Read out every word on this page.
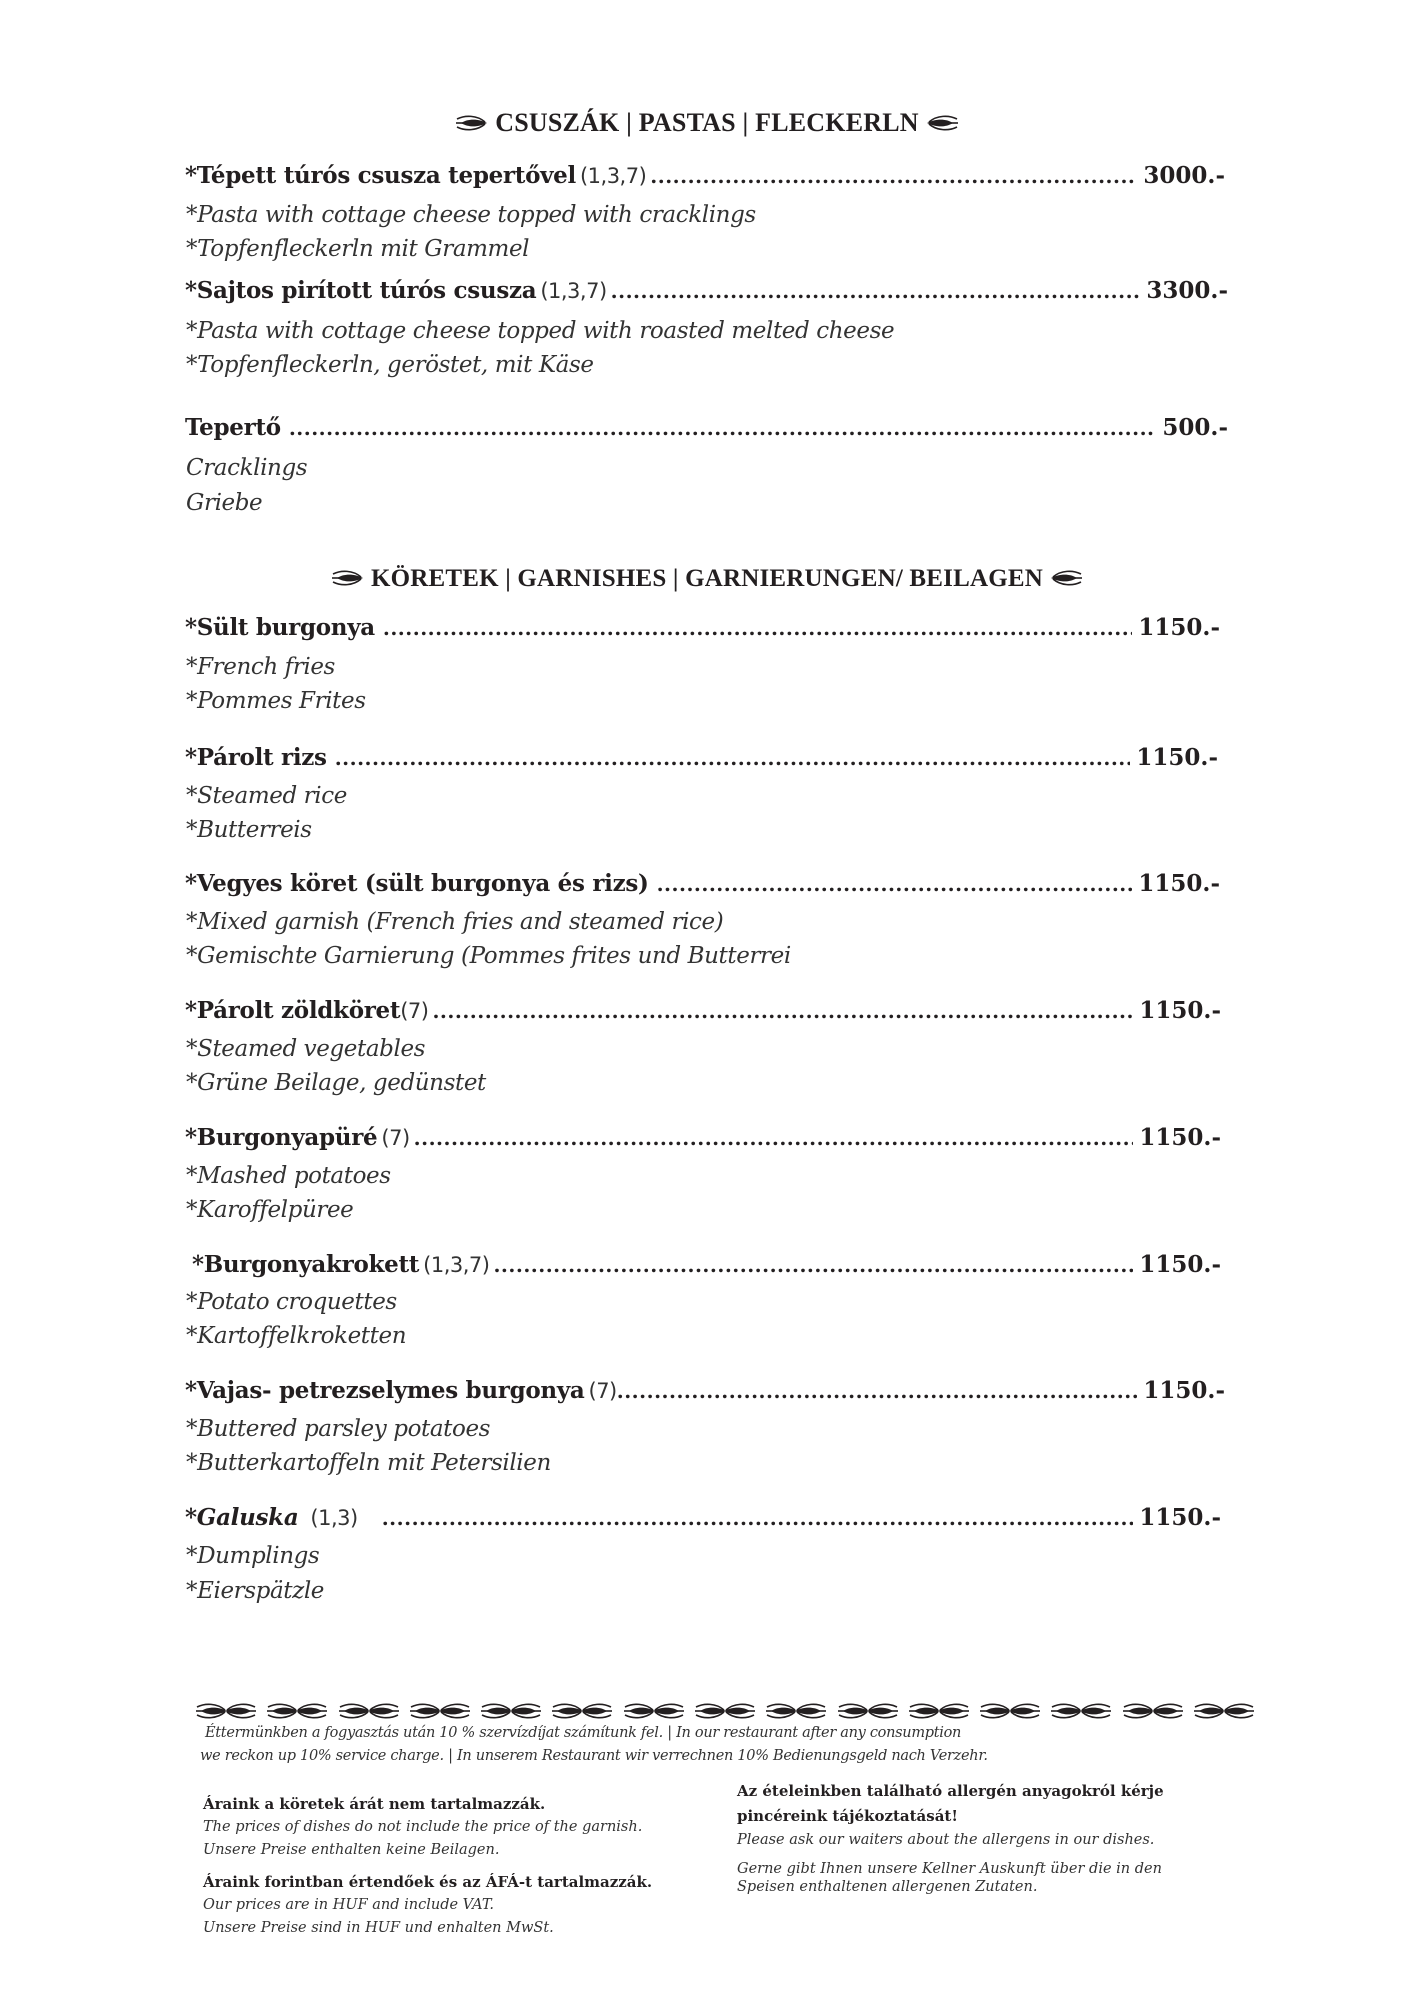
CSUSZÁK | PASTAS | FLECKERLN
*Tépett túrós csusza tepertővel (1,3,7) .....	3000.-
*Pasta with cottage cheese topped with cracklings
*Topfenfleckerln mit Grammel
*Sajtos pirított túrós csusza (1,3,7) .....	3300.-
*Pasta with cottage cheese topped with roasted melted cheese
*Topfenfleckerln, geröstet, mit Käse
Tepertő .....	500.-
Cracklings
Griebe
KÖRETEK | GARNISHES | GARNIERUNGEN/ BEILAGEN
*Sült burgonya .....	1150.-
*French fries
*Pommes Frites
*Párolt rizs .....	1150.-
*Steamed rice
*Butterreis
*Vegyes köret (sült burgonya és rizs) .....	1150.-
*Mixed garnish (French fries and steamed rice)
*Gemischte Garnierung (Pommes frites und Butterrei
*Párolt zöldköret (7) .....	1150.-
*Steamed vegetables
*Grüne Beilage, gedünstet
*Burgonyapüré (7) .....	1150.-
*Mashed potatoes
*Karoffelpüree
*Burgonyakrokett (1,3,7) .....	1150.-
*Potato croquettes
*Kartoffelkroketten
*Vajas- petrezselymes burgonya (7) .....	1150.-
*Buttered parsley potatoes
*Butterkartoffeln mit Petersilien
*Galuska (1,3) .....	1150.-
*Dumplings
*Eierspätzle
Éttermünkben a fogyasztás után 10 % szervízdíjat számítunk fel. | In our restaurant after any consumption
we reckon up 10% service charge. | In unserem Restaurant wir verrechnen 10% Bedienungsgeld nach Verzehr.
Áraink a köretek árát nem tartalmazzák.
The prices of dishes do not include the price of the garnish.
Unsere Preise enthalten keine Beilagen.
Áraink forintban értendőek és az ÁFÁ-t tartalmazzák.
Our prices are in HUF and include VAT.
Unsere Preise sind in HUF und enhalten MwSt.
Az ételeinkben található allergén anyagokról kérje
pincéreink tájékoztatását!
Please ask our waiters about the allergens in our dishes.
Gerne gibt Ihnen unsere Kellner Auskunft über die in den
Speisen enthaltenen allergenen Zutaten.
